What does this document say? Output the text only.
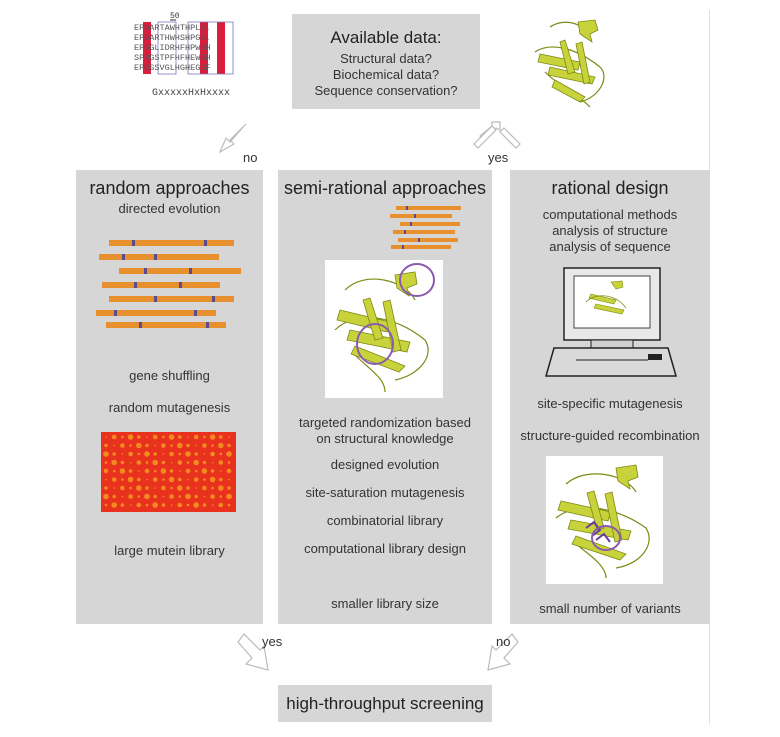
50
EPGARTAWHTHPLG.
EPGARTHWHSHPGG.
EPGGLIDRHFHPWEH
SPNGSTPFHFHEWEH
EPGSSVGLHGHEGEF
GxxxxxHxHxxxx
Available data:
Structural data?
Biochemical data?
Sequence conservation?
no	yes
random approaches
directed evolution
gene shuffling
random mutagenesis
large mutein library
semi-rational approaches
targeted randomization based
on structural knowledge
designed evolution
site-saturation mutagenesis
combinatorial library
computational library design
smaller library size
rational design
computational methods
analysis of structure
analysis of sequence
site-specific mutagenesis
structure-guided recombination
small number of variants
yes	no
high-throughput screening
